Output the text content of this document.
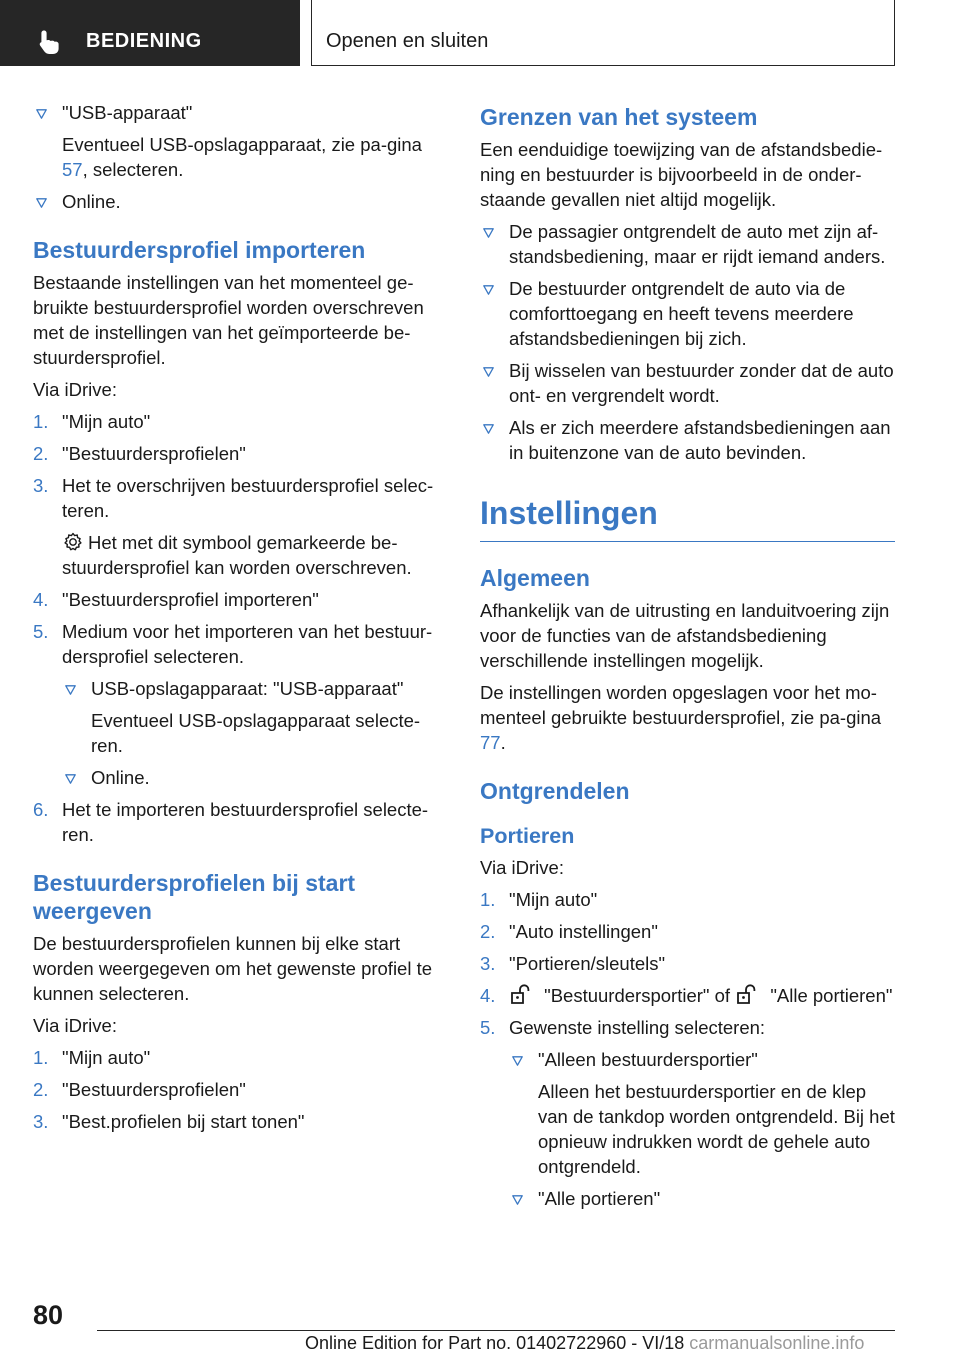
BEDIENING	Openen en sluiten
"USB-apparaat"
Eventueel USB-opslagapparaat, zie pa-gina 57, selecteren.
Online.
Bestuurdersprofiel importeren

Bestaande instellingen van het momenteel ge-bruikte bestuurdersprofiel worden overschreven met de instellingen van het geïmporteerde be-stuurdersprofiel.

Via iDrive:

1. "Mijn auto"
2. "Bestuurdersprofielen"
3. Het te overschrijven bestuurdersprofiel selec-teren.
Het met dit symbool gemarkeerde be-stuurdersprofiel kan worden overschreven.
4. "Bestuurdersprofiel importeren"
5. Medium voor het importeren van het bestuur-dersprofiel selecteren.
USB-opslagapparaat: "USB-apparaat"
Eventueel USB-opslagapparaat selecte-ren.
Online.
6. Het te importeren bestuurdersprofiel selecte-ren.
Bestuurdersprofielen bij start weergeven

De bestuurdersprofielen kunnen bij elke start worden weergegeven om het gewenste profiel te kunnen selecteren.

Via iDrive:

1. "Mijn auto"
2. "Bestuurdersprofielen"
3. "Best.profielen bij start tonen"
Grenzen van het systeem

Een eenduidige toewijzing van de afstandsbedie-ning en bestuurder is bijvoorbeeld in de onder-staande gevallen niet altijd mogelijk.

De passagier ontgrendelt de auto met zijn af-standsbediening, maar er rijdt iemand anders.
De bestuurder ontgrendelt de auto via de comforttoegang en heeft tevens meerdere afstandsbedieningen bij zich.
Bij wisselen van bestuurder zonder dat de auto ont- en vergrendelt wordt.
Als er zich meerdere afstandsbedieningen aan in buitenzone van de auto bevinden.
Instellingen
Algemeen

Afhankelijk van de uitrusting en landuitvoering zijn voor de functies van de afstandsbediening verschillende instellingen mogelijk.

De instellingen worden opgeslagen voor het mo-menteel gebruikte bestuurdersprofiel, zie pa-gina 77.

Ontgrendelen
Portieren

Via iDrive:

1. "Mijn auto"
2. "Auto instellingen"
3. "Portieren/sleutels"
4.	"Bestuurdersportier" of "Alle portieren"
5. Gewenste instelling selecteren:
"Alleen bestuurdersportier"
Alleen het bestuurdersportier en de klep van de tankdop worden ontgrendeld. Bij het opnieuw indrukken wordt de gehele auto ontgrendeld.
"Alle portieren"
80
Online Edition for Part no. 01402722960 - VI/18 carmanualsonline.info
